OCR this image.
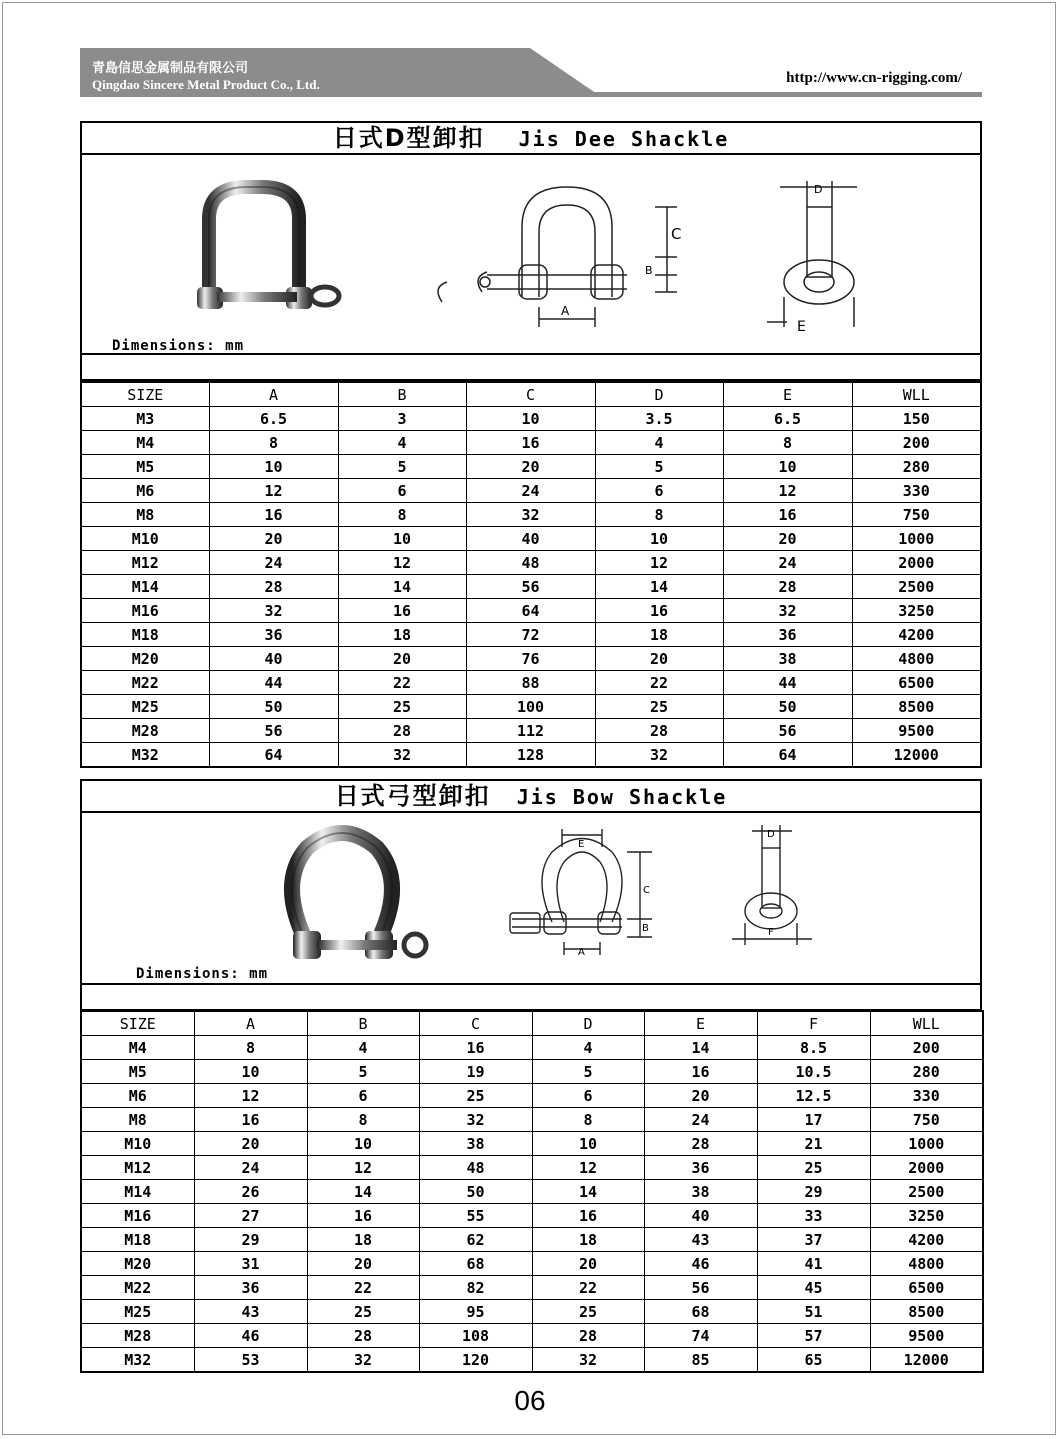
青島信思金属制品有限公司
Qingdao Sincere Metal Product Co., Ltd.	http://www.cn-rigging.com/
日式D型卸扣 Jis Dee Shackle
C
B
A
D
E
Dimensions: mm
SIZE	A	B	C	D	E	WLL
M3	6.5	3	10	3.5	6.5	150
M4	8	4	16	4	8	200
M5	10	5	20	5	10	280
M6	12	6	24	6	12	330
M8	16	8	32	8	16	750
M10	20	10	40	10	20	1000
M12	24	12	48	12	24	2000
M14	28	14	56	14	28	2500
M16	32	16	64	16	32	3250
M18	36	18	72	18	36	4200
M20	40	20	76	20	38	4800
M22	44	22	88	22	44	6500
M25	50	25	100	25	50	8500
M28	56	28	112	28	56	9500
M32	64	32	128	32	64	12000
日式弓型卸扣 Jis Bow Shackle
E
C
B
A
D
F
Dimensions: mm
SIZE	A	B	C	D	E	F	WLL
M4	8	4	16	4	14	8.5	200
M5	10	5	19	5	16	10.5	280
M6	12	6	25	6	20	12.5	330
M8	16	8	32	8	24	17	750
M10	20	10	38	10	28	21	1000
M12	24	12	48	12	36	25	2000
M14	26	14	50	14	38	29	2500
M16	27	16	55	16	40	33	3250
M18	29	18	62	18	43	37	4200
M20	31	20	68	20	46	41	4800
M22	36	22	82	22	56	45	6500
M25	43	25	95	25	68	51	8500
M28	46	28	108	28	74	57	9500
M32	53	32	120	32	85	65	12000
06
